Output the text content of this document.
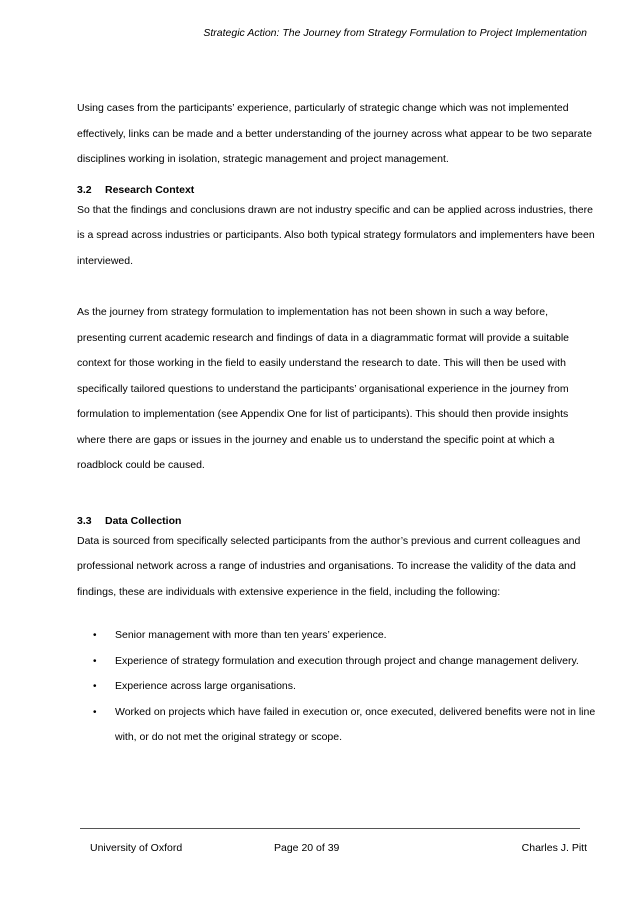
Strategic Action: The Journey from Strategy Formulation to Project Implementation

Using cases from the participants’ experience, particularly of strategic change which was not implemented effectively, links can be made and a better understanding of the journey across what appear to be two separate disciplines working in isolation, strategic management and project management.

3.2 Research Context

So that the findings and conclusions drawn are not industry specific and can be applied across industries, there is a spread across industries or participants. Also both typical strategy formulators and implementers have been interviewed.

As the journey from strategy formulation to implementation has not been shown in such a way before, presenting current academic research and findings of data in a diagrammatic format will provide a suitable context for those working in the field to easily understand the research to date. This will then be used with specifically tailored questions to understand the participants’ organisational experience in the journey from formulation to implementation (see Appendix One for list of participants). This should then provide insights where there are gaps or issues in the journey and enable us to understand the specific point at which a roadblock could be caused.

3.3 Data Collection

Data is sourced from specifically selected participants from the author’s previous and current colleagues and professional network across a range of industries and organisations. To increase the validity of the data and findings, these are individuals with extensive experience in the field, including the following:

• Senior management with more than ten years’ experience.
• Experience of strategy formulation and execution through project and change management delivery.
• Experience across large organisations.
• Worked on projects which have failed in execution or, once executed, delivered benefits were not in line with, or do not met the original strategy or scope.
University of Oxford	Page 20 of 39	Charles J. Pitt
